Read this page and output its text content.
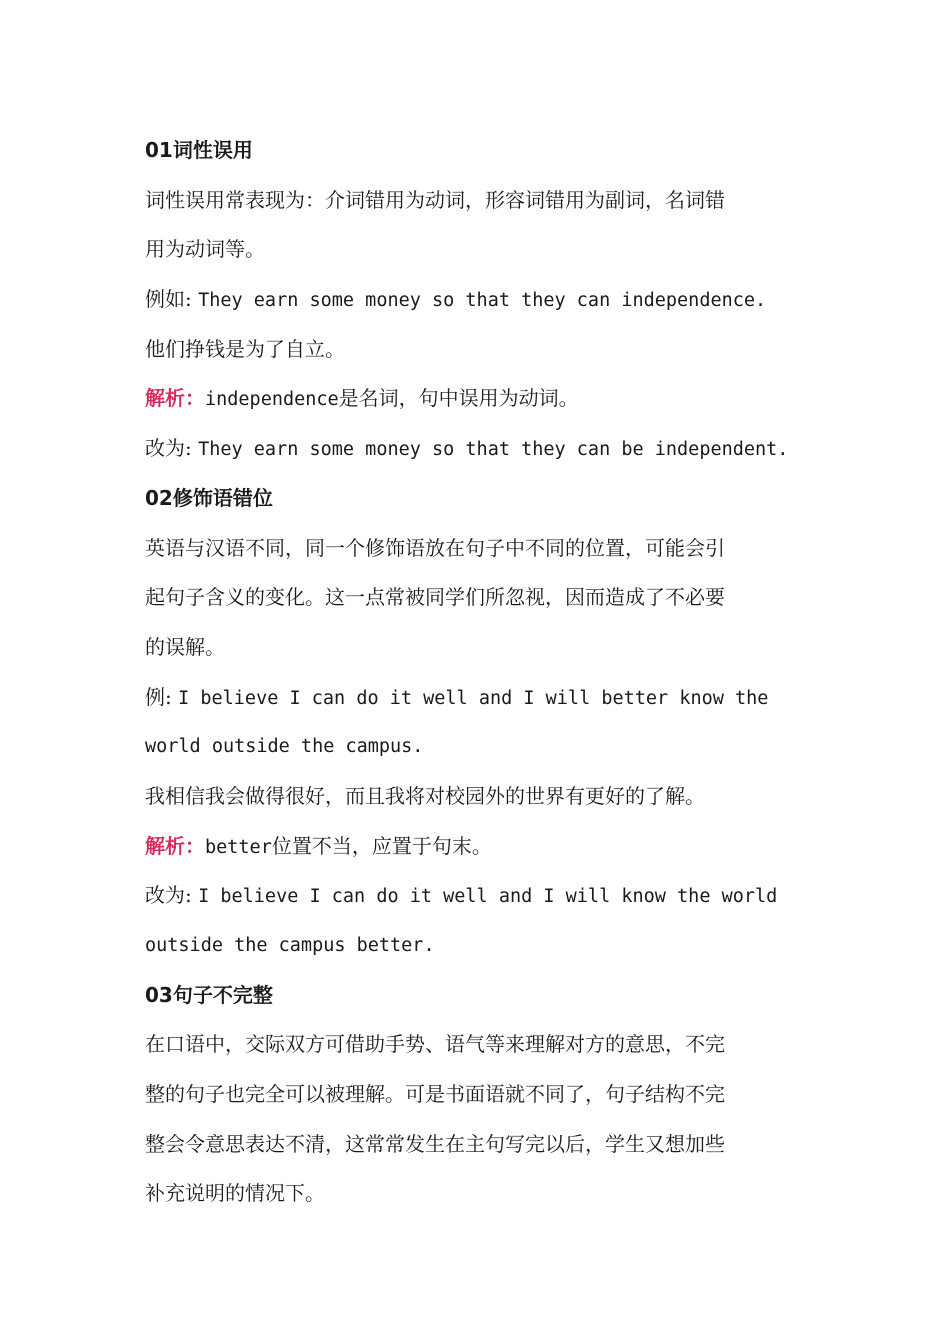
01词性误用
词性误用常表现为：介词错用为动词，形容词错用为副词，名词错
用为动词等。
例如: They earn some money so that they can independence.
他们挣钱是为了自立。
解析：independence是名词，句中误用为动词。
改为: They earn some money so that they can be independent.
02修饰语错位
英语与汉语不同，同一个修饰语放在句子中不同的位置，可能会引
起句子含义的变化。这一点常被同学们所忽视，因而造成了不必要
的误解。
例: I believe I can do it well and I will better know the
world outside the campus.
我相信我会做得很好，而且我将对校园外的世界有更好的了解。
解析：better位置不当，应置于句末。
改为: I believe I can do it well and I will know the world
outside the campus better.
03句子不完整
在口语中，交际双方可借助手势、语气等来理解对方的意思，不完
整的句子也完全可以被理解。可是书面语就不同了，句子结构不完
整会令意思表达不清，这常常发生在主句写完以后，学生又想加些
补充说明的情况下。
